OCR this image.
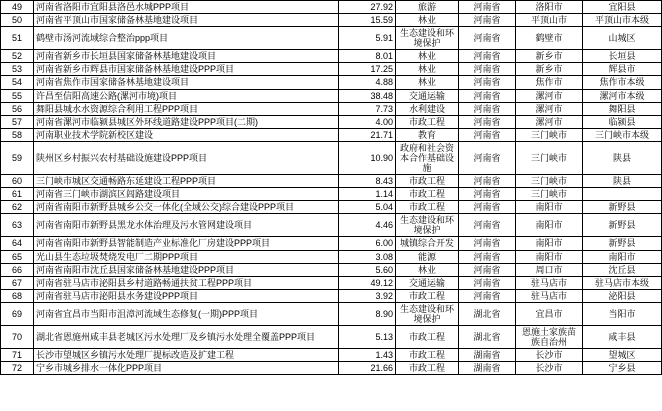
49	河南省洛阳市宜阳县洛邑水城PPP项目	27.92	旅游	河南省	洛阳市	宜阳县
50	河南省平顶山市国家储备林基地建设项目	15.59	林业	河南省	平顶山市	平顶山市本级
51	鹤壁市汤河流域综合整治ppp项目	5.91	生态建设和环境保护	河南省	鹤壁市	山城区
52	河南省新乡市长垣县国家储备林基地建设项目	8.01	林业	河南省	新乡市	长垣县
53	河南省新乡市辉县市国家储备林基地建设PPP项目	17.25	林业	河南省	新乡市	辉县市
54	河南省焦作市国家储备林基地建设项目	4.88	林业	河南省	焦作市	焦作市本级
55	许昌至信阳高速公路(漯河市境)项目	38.48	交通运输	河南省	漯河市	漯河市本级
56	舞阳县城水水资源综合利用工程PPP项目	7.73	水利建设	河南省	漯河市	舞阳县
57	河南省漯河市临颍县城区外环线道路建设PPP项目(二期)	4.00	市政工程	河南省	漯河市	临颍县
58	河南职业技术学院新校区建设	21.71	教育	河南省	三门峡市	三门峡市本级
59	陕州区乡村振兴农村基础设施建设PPP项目	10.90	政府和社会资本合作基础设施	河南省	三门峡市	陕县
60	三门峡市城区交通畅路东延建设工程PPP项目	8.43	市政工程	河南省	三门峡市	陕县
61	河南省三门峡市湖滨区闾路建设项目	1.14	市政工程	河南省	三门峡市	
62	河南省南阳市新野县城乡公交一体化(全域公交)综合建设PPP项目	5.04	市政工程	河南省	南阳市	新野县
63	河南省南阳市新野县黑龙水体治理及污水管网建设项目	4.46	生态建设和环境保护	河南省	南阳市	新野县
64	河南省南阳市新野县智能制造产业标准化厂房建设PPP项目	6.00	城镇综合开发	河南省	南阳市	新野县
65	光山县生态垃圾焚烧发电厂二期PPP项目	3.08	能源	河南省	南阳市	南阳市
66	河南省南阳市沈丘县国家储备林基地建设PPP项目	5.60	林业	河南省	周口市	沈丘县
67	河南省驻马店市泌阳县乡村道路畅通扶贫工程PPP项目	49.12	交通运输	河南省	驻马店市	驻马店市本级
68	河南省驻马店市泌阳县水务建设PPP项目	3.92	市政工程	河南省	驻马店市	泌阳县
69	河南省宜昌市当阳市沮漳河流域生态修复(一期)PPP项目	8.90	生态建设和环境保护	湖北省	宜昌市	当阳市
70	湖北省恩施州咸丰县老城区污水处理厂及乡镇污水处理全覆盖PPP项目	5.13	市政工程	湖北省	恩施土家族苗族自治州	咸丰县
71	长沙市望城区乡镇污水处理厂提标改造及扩建工程	1.43	市政工程	湖南省	长沙市	望城区
72	宁乡市城乡排水一体化PPP项目	21.66	市政工程	湖南省	长沙市	宁乡县
